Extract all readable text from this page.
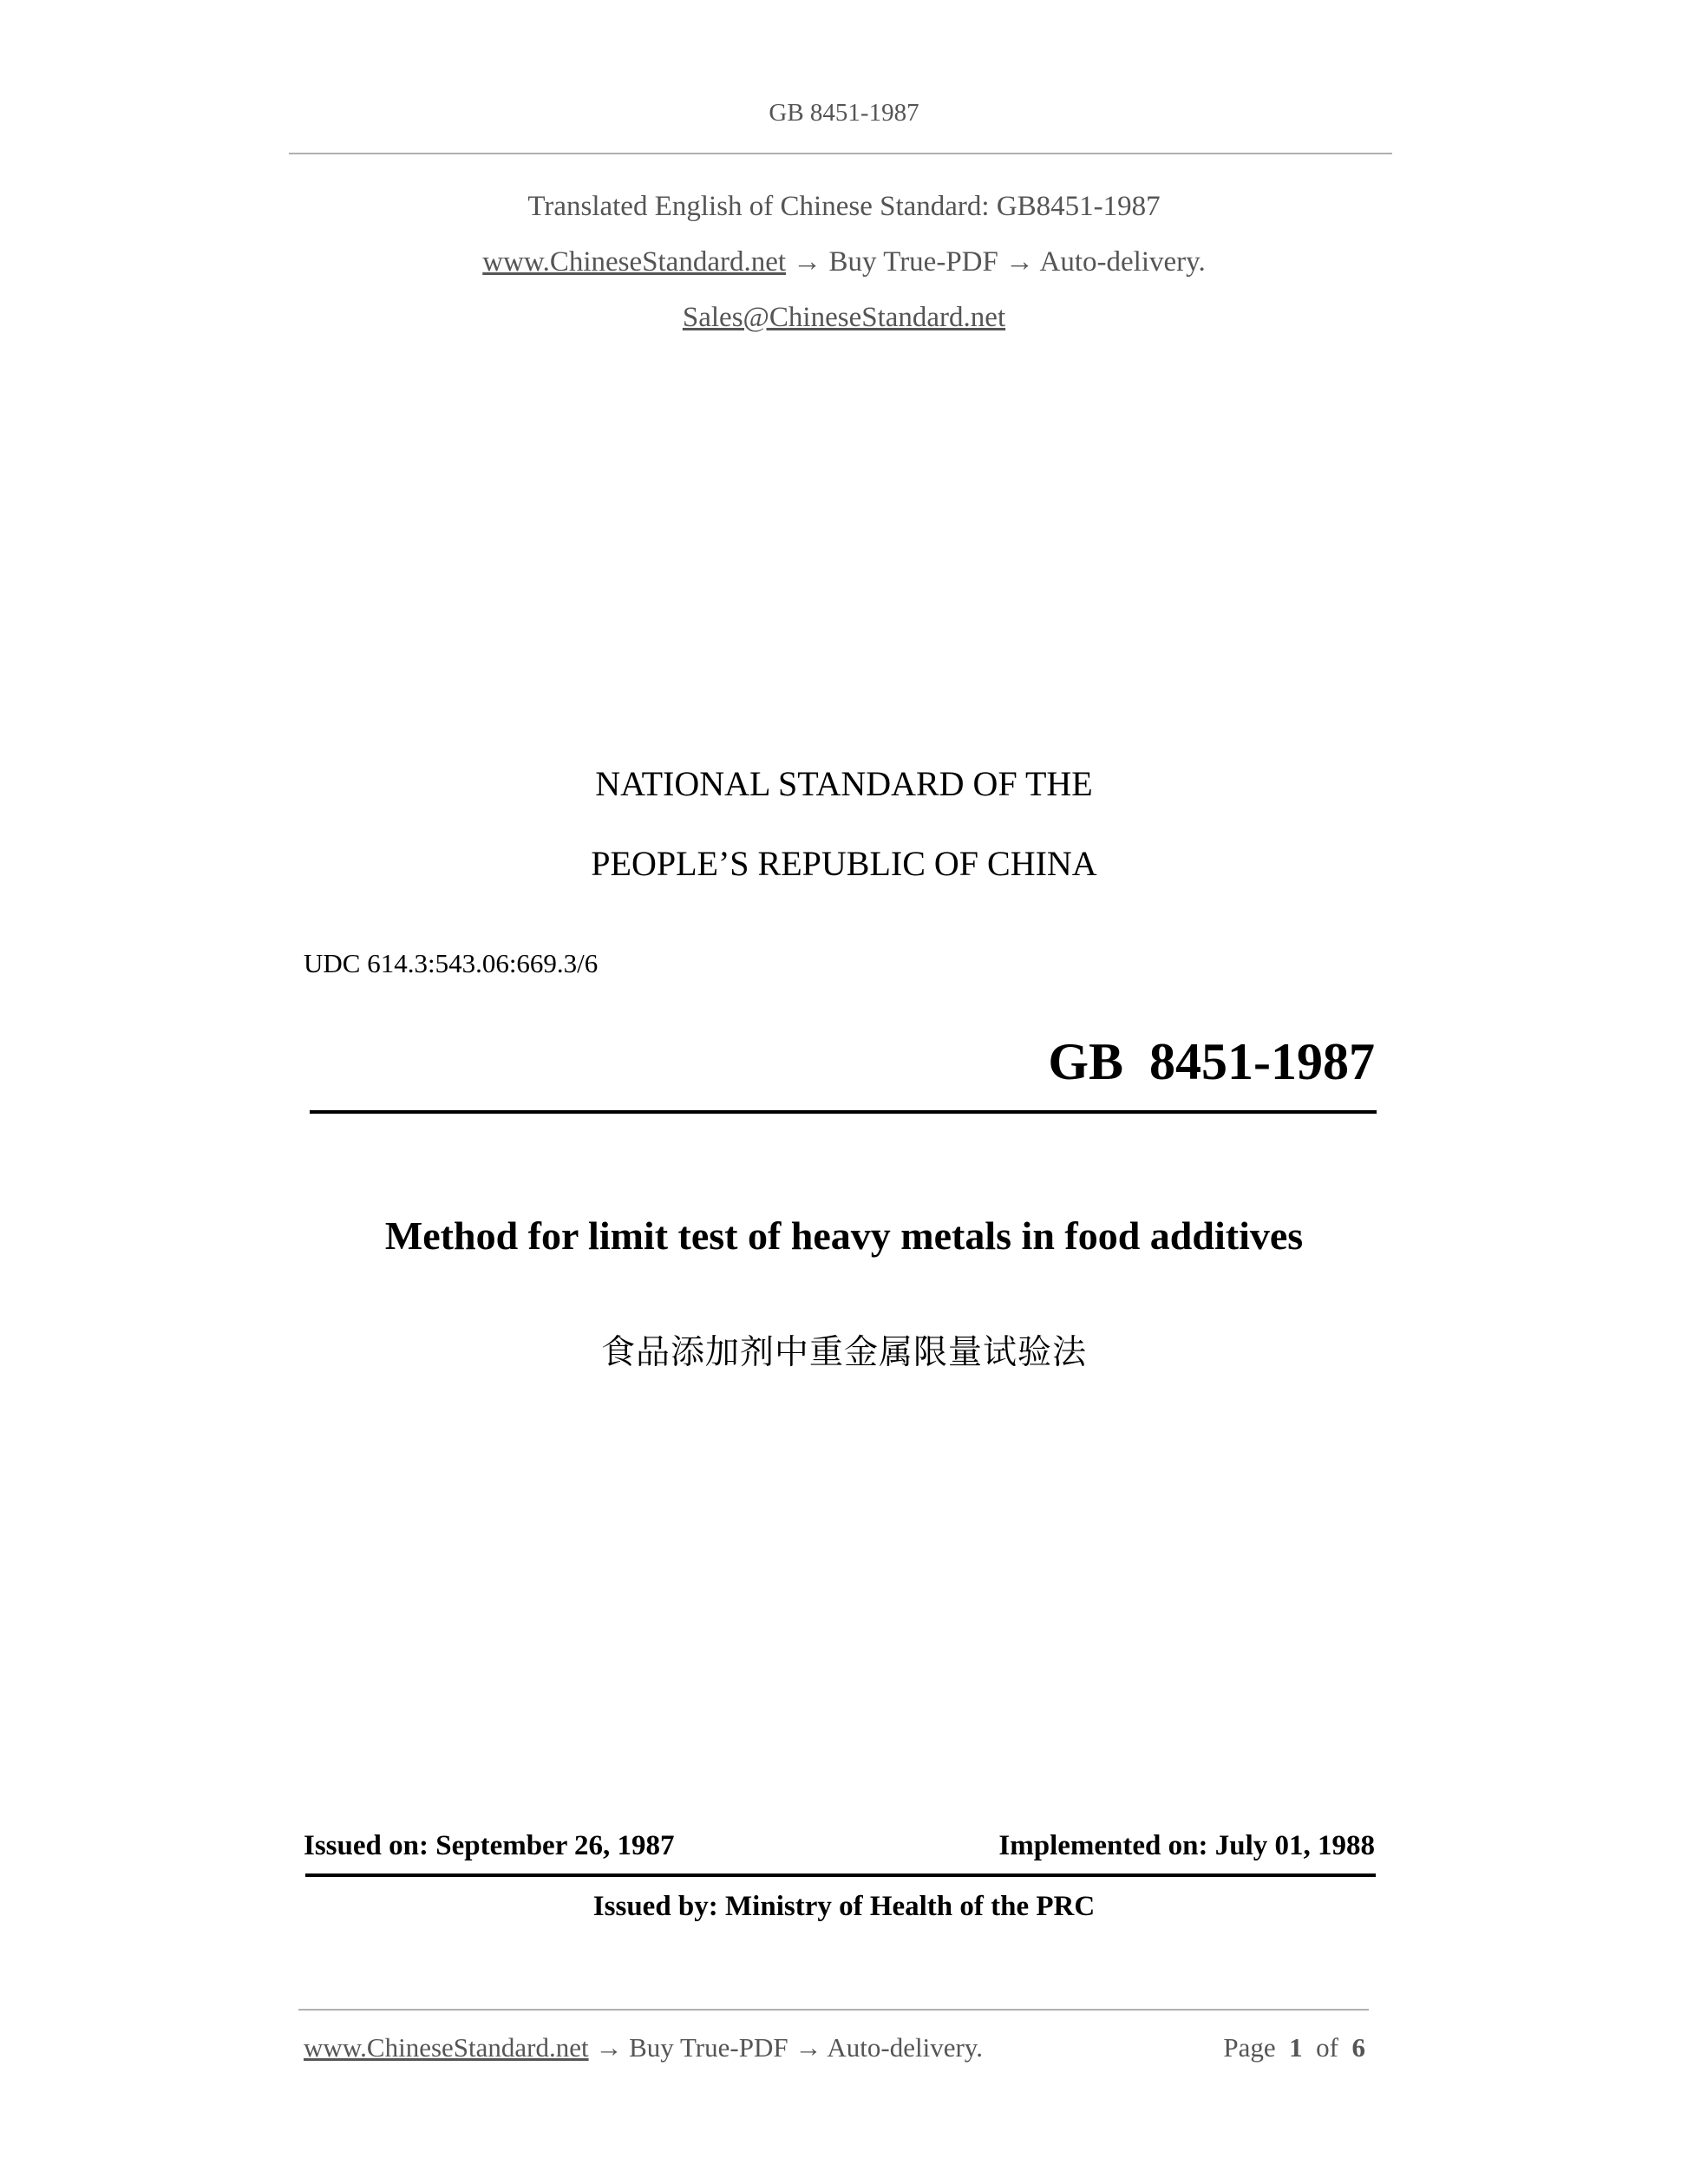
GB 8451-1987
Translated English of Chinese Standard: GB8451-1987
www.ChineseStandard.net → Buy True-PDF → Auto-delivery.
Sales@ChineseStandard.net
NATIONAL STANDARD OF THE
PEOPLE’S REPUBLIC OF CHINA
UDC 614.3:543.06:669.3/6
GB  8451-1987
Method for limit test of heavy metals in food additives
食品添加剂中重金属限量试验法
Issued on: September 26, 1987	Implemented on: July 01, 1988
Issued by: Ministry of Health of the PRC
www.ChineseStandard.net → Buy True-PDF → Auto-delivery.	Page 1 of 6
